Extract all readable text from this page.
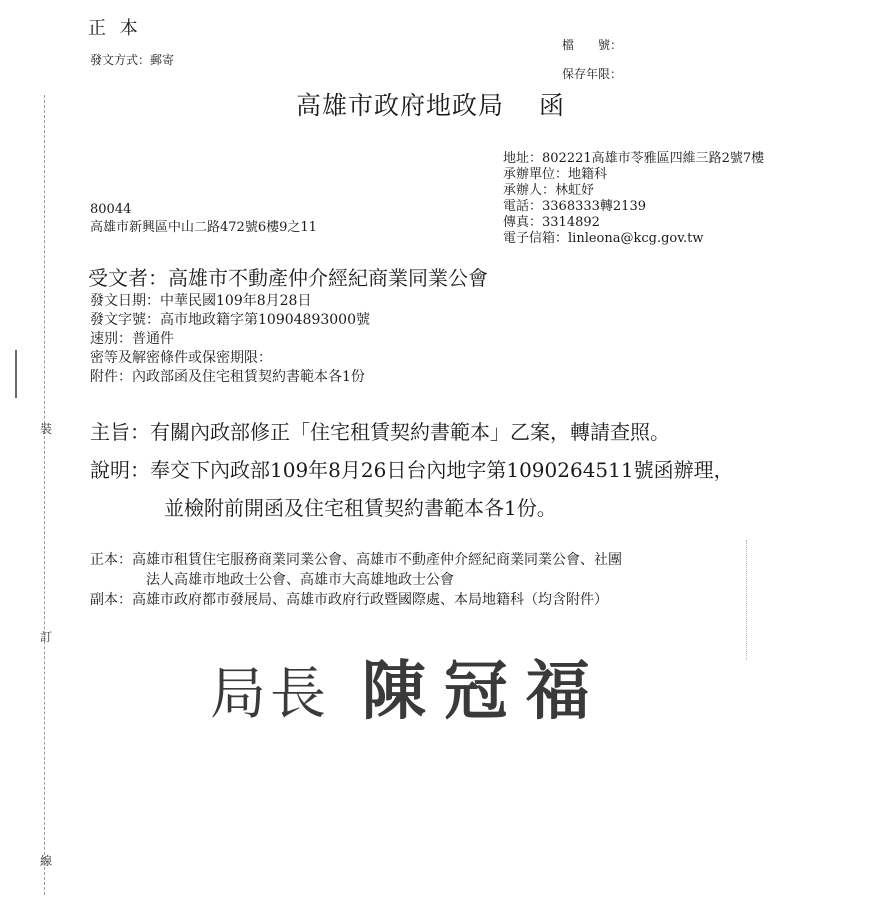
裝
訂
線
正 本
發文方式：郵寄
檔　　號：
保存年限：
高雄市政府地政局　 函
地址：802221高雄市苓雅區四維三路2號7樓
承辦單位：地籍科
承辦人：林虹妤
電話：3368333轉2139
傳真：3314892
電子信箱：linleona@kcg.gov.tw
80044
高雄市新興區中山二路472號6樓9之11
受文者：高雄市不動產仲介經紀商業同業公會
發文日期：中華民國109年8月28日
發文字號：高市地政籍字第10904893000號
速別：普通件
密等及解密條件或保密期限：
附件：內政部函及住宅租賃契約書範本各1份
主旨：有關內政部修正「住宅租賃契約書範本」乙案，轉請查照。
說明：奉交下內政部109年8月26日台內地字第1090264511號函辦理，
並檢附前開函及住宅租賃契約書範本各1份。
正本：高雄市租賃住宅服務商業同業公會、高雄市不動產仲介經紀商業同業公會、社團
法人高雄市地政士公會、高雄市大高雄地政士公會
副本：高雄市政府都市發展局、高雄市政府行政暨國際處、本局地籍科（均含附件）
局長 陳冠福
